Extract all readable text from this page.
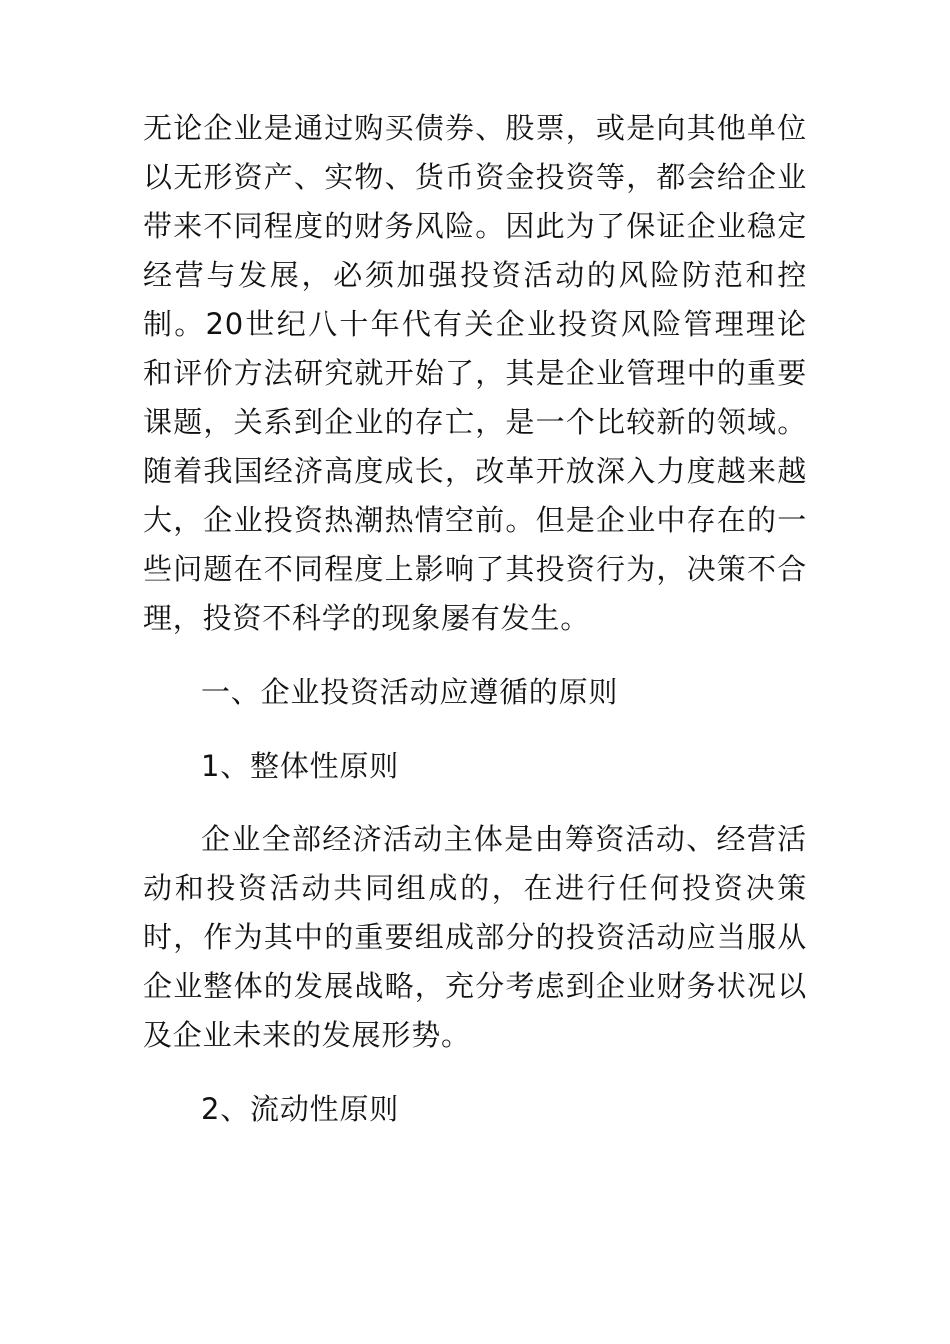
无论企业是通过购买债券、股票，或是向其他单位以无形资产、实物、货币资金投资等，都会给企业带来不同程度的财务风险。因此为了保证企业稳定经营与发展，必须加强投资活动的风险防范和控制。20世纪八十年代有关企业投资风险管理理论和评价方法研究就开始了，其是企业管理中的重要课题，关系到企业的存亡，是一个比较新的领域。随着我国经济高度成长，改革开放深入力度越来越大，企业投资热潮热情空前。但是企业中存在的一些问题在不同程度上影响了其投资行为，决策不合理，投资不科学的现象屡有发生。

一、企业投资活动应遵循的原则

1、整体性原则

企业全部经济活动主体是由筹资活动、经营活动和投资活动共同组成的，在进行任何投资决策时，作为其中的重要组成部分的投资活动应当服从企业整体的发展战略，充分考虑到企业财务状况以及企业未来的发展形势。

2、流动性原则
